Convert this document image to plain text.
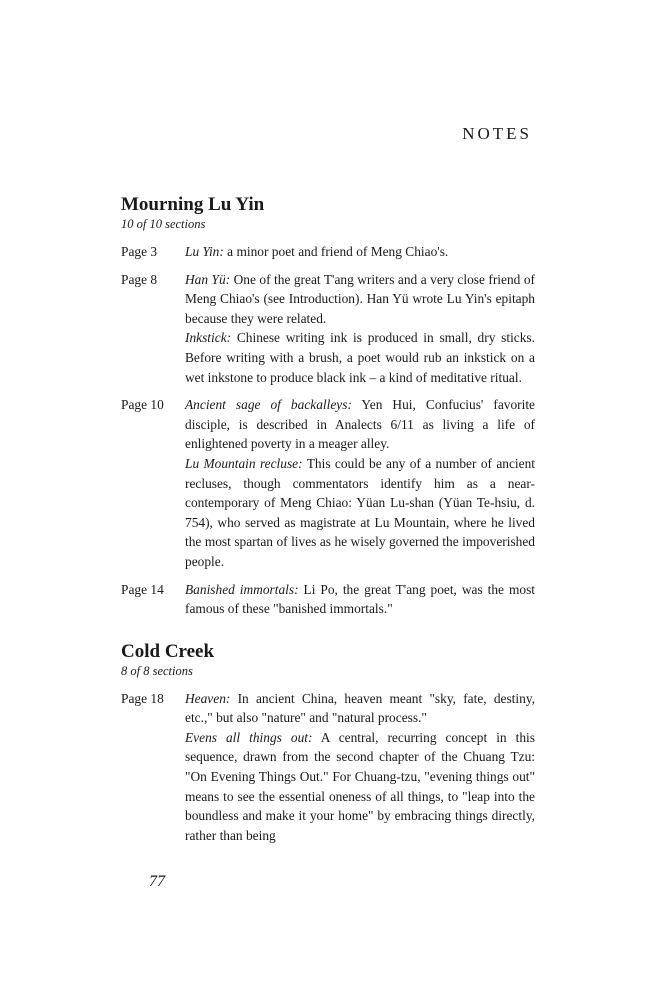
NOTES
Mourning Lu Yin
10 of 10 sections
Page 3	Lu Yin: a minor poet and friend of Meng Chiao's.

Page 8	Han Yü: One of the great T'ang writers and a very close friend of Meng Chiao's (see Introduction). Han Yü wrote Lu Yin's epitaph because they were related.

Inkstick: Chinese writing ink is produced in small, dry sticks. Before writing with a brush, a poet would rub an inkstick on a wet inkstone to produce black ink – a kind of meditative ritual.

Page 10	Ancient sage of backalleys: Yen Hui, Confucius' favorite disciple, is described in Analects 6/11 as living a life of enlightened poverty in a meager alley.

Lu Mountain recluse: This could be any of a number of ancient recluses, though commentators identify him as a near-contemporary of Meng Chiao: Yüan Lu-shan (Yüan Te-hsiu, d. 754), who served as magistrate at Lu Mountain, where he lived the most spartan of lives as he wisely governed the impoverished people.

Page 14	Banished immortals: Li Po, the great T'ang poet, was the most famous of these "banished immortals."

Cold Creek
8 of 8 sections
Page 18	Heaven: In ancient China, heaven meant "sky, fate, destiny, etc.," but also "nature" and "natural process."

Evens all things out: A central, recurring concept in this sequence, drawn from the second chapter of the Chuang Tzu: "On Evening Things Out." For Chuang-tzu, "evening things out" means to see the essential oneness of all things, to "leap into the boundless and make it your home" by embracing things directly, rather than being

77
